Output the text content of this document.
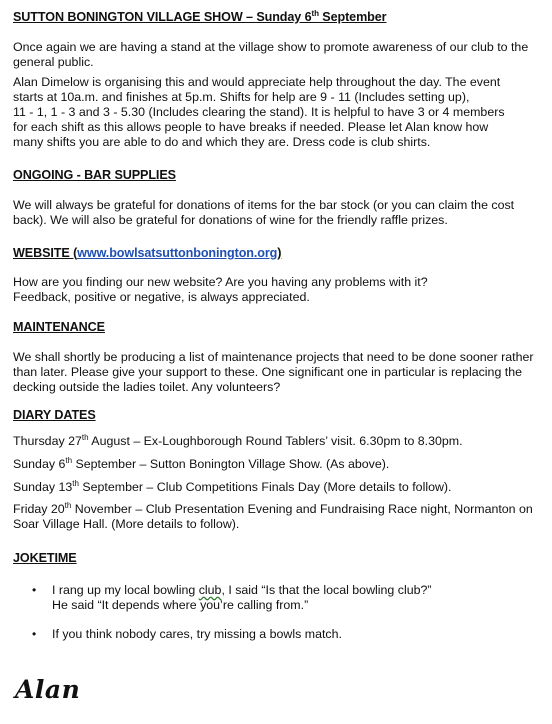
SUTTON BONINGTON VILLAGE SHOW – Sunday 6th September

Once again we are having a stand at the village show to promote awareness of our club to the general public.

Alan Dimelow is organising this and would appreciate help throughout the day. The event
starts at 10a.m. and finishes at 5p.m. Shifts for help are 9 - 11 (Includes setting up),
11 - 1, 1 - 3 and 3 - 5.30 (Includes clearing the stand). It is helpful to have 3 or 4 members
for each shift as this allows people to have breaks if needed. Please let Alan know how
many shifts you are able to do and which they are. Dress code is club shirts.
ONGOING - BAR SUPPLIES

We will always be grateful for donations of items for the bar stock (or you can claim the cost back). We will also be grateful for donations of wine for the friendly raffle prizes.

WEBSITE (www.bowlsatsuttonbonington.org)
How are you finding our new website? Are you having any problems with it?
Feedback, positive or negative, is always appreciated.
MAINTENANCE

We shall shortly be producing a list of maintenance projects that need to be done sooner rather than later. Please give your support to these. One significant one in particular is replacing the decking outside the ladies toilet. Any volunteers?

DIARY DATES

Thursday 27th August – Ex-Loughborough Round Tablers’ visit. 6.30pm to 8.30pm.

Sunday 6th September – Sutton Bonington Village Show. (As above).

Sunday 13th September – Club Competitions Finals Day (More details to follow).

Friday 20th November – Club Presentation Evening and Fundraising Race night, Normanton on Soar Village Hall. (More details to follow).

JOKETIME
• I rang up my local bowling club, I said “Is that the local bowling club?”
He said “It depends where you’re calling from.”
• If you think nobody cares, try missing a bowls match.
Alan
